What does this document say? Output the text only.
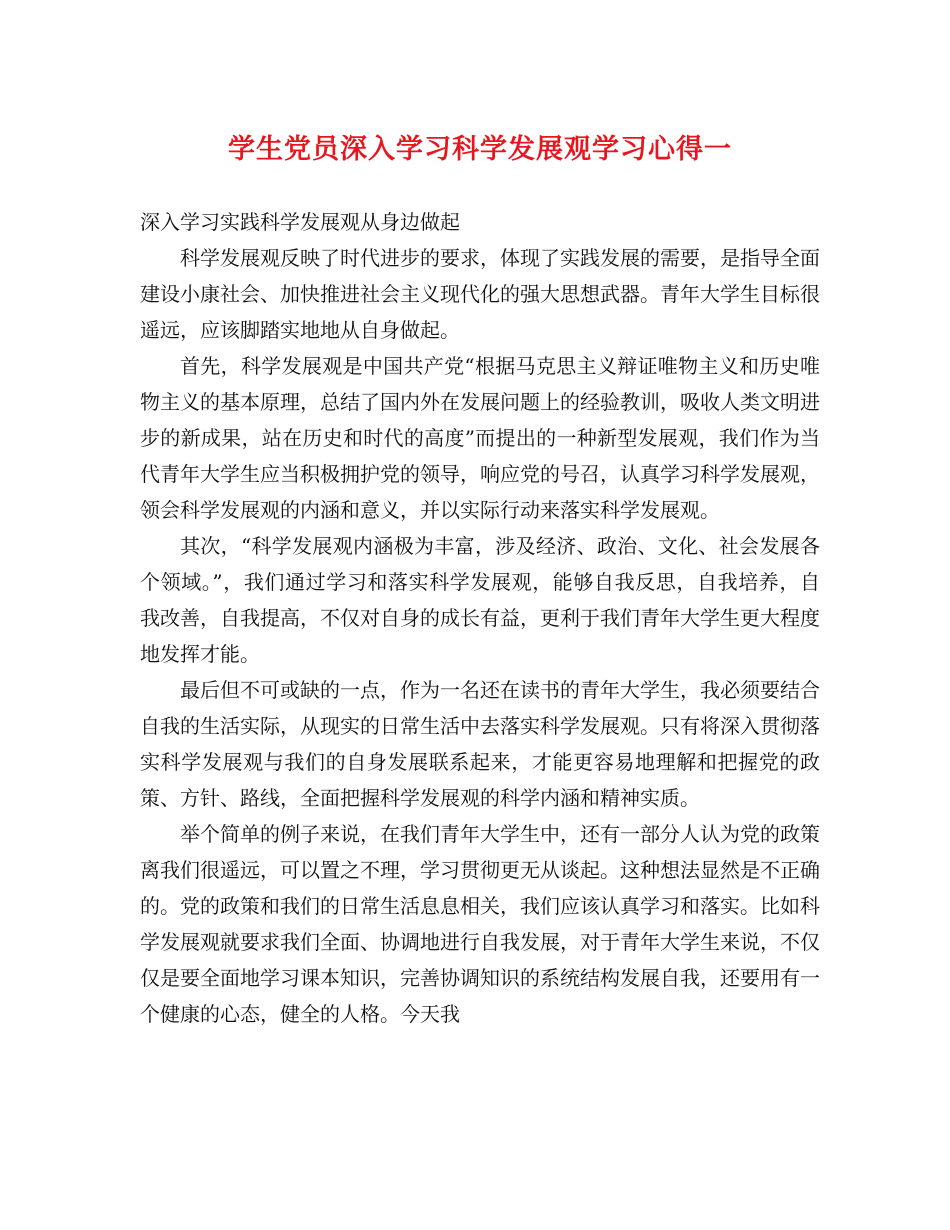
学生党员深入学习科学发展观学习心得一

深入学习实践科学发展观从身边做起

科学发展观反映了时代进步的要求，体现了实践发展的需要，是指导全面建设小康社会、加快推进社会主义现代化的强大思想武器。青年大学生目标很遥远，应该脚踏实地地从自身做起。

首先，科学发展观是中国共产党“根据马克思主义辩证唯物主义和历史唯物主义的基本原理，总结了国内外在发展问题上的经验教训，吸收人类文明进步的新成果，站在历史和时代的高度”而提出的一种新型发展观，我们作为当代青年大学生应当积极拥护党的领导，响应党的号召，认真学习科学发展观，领会科学发展观的内涵和意义，并以实际行动来落实科学发展观。

其次，“科学发展观内涵极为丰富，涉及经济、政治、文化、社会发展各个领域。”，我们通过学习和落实科学发展观，能够自我反思，自我培养，自我改善，自我提高，不仅对自身的成长有益，更利于我们青年大学生更大程度地发挥才能。

最后但不可或缺的一点，作为一名还在读书的青年大学生，我必须要结合自我的生活实际，从现实的日常生活中去落实科学发展观。只有将深入贯彻落实科学发展观与我们的自身发展联系起来，才能更容易地理解和把握党的政策、方针、路线，全面把握科学发展观的科学内涵和精神实质。

举个简单的例子来说，在我们青年大学生中，还有一部分人认为党的政策离我们很遥远，可以置之不理，学习贯彻更无从谈起。这种想法显然是不正确的。党的政策和我们的日常生活息息相关，我们应该认真学习和落实。比如科学发展观就要求我们全面、协调地进行自我发展，对于青年大学生来说，不仅仅是要全面地学习课本知识，完善协调知识的系统结构发展自我，还要用有一个健康的心态，健全的人格。今天我
